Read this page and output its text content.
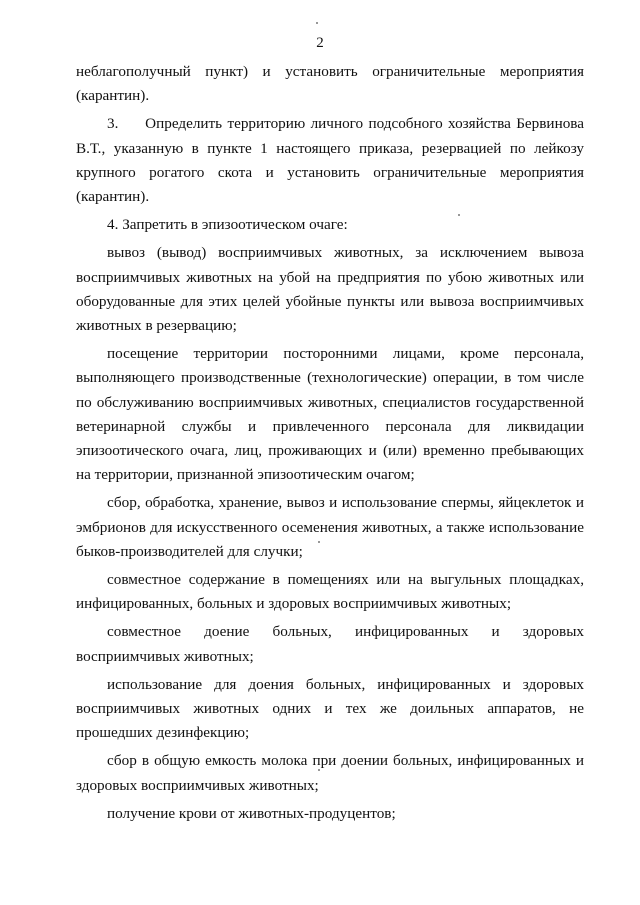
2

неблагополучный пункт) и установить ограничительные мероприятия (карантин).

3.     Определить территорию личного подсобного хозяйства Бервинова В.Т., указанную в пункте 1 настоящего приказа, резервацией по лейкозу крупного рогатого скота и установить ограничительные мероприятия (карантин).

4. Запретить в эпизоотическом очаге:

вывоз (вывод) восприимчивых животных, за исключением вывоза восприимчивых животных на убой на предприятия по убою животных или оборудованные для этих целей убойные пункты или вывоза восприимчивых животных в резервацию;

посещение территории посторонними лицами, кроме персонала, выполняющего производственные (технологические) операции, в том числе по обслуживанию восприимчивых животных, специалистов государственной ветеринарной службы и привлеченного персонала для ликвидации эпизоотического очага, лиц, проживающих и (или) временно пребывающих на территории, признанной эпизоотическим очагом;

сбор, обработка, хранение, вывоз и использование спермы, яйцеклеток и эмбрионов для искусственного осеменения животных, а также использование быков-производителей для случки;

совместное содержание в помещениях или на выгульных площадках, инфицированных, больных и здоровых восприимчивых животных;

совместное доение больных, инфицированных и здоровых восприимчивых животных;

использование для доения больных, инфицированных и здоровых восприимчивых животных одних и тех же доильных аппаратов, не прошедших дезинфекцию;

сбор в общую емкость молока при доении больных, инфицированных и здоровых восприимчивых животных;

получение крови от животных-продуцентов;
